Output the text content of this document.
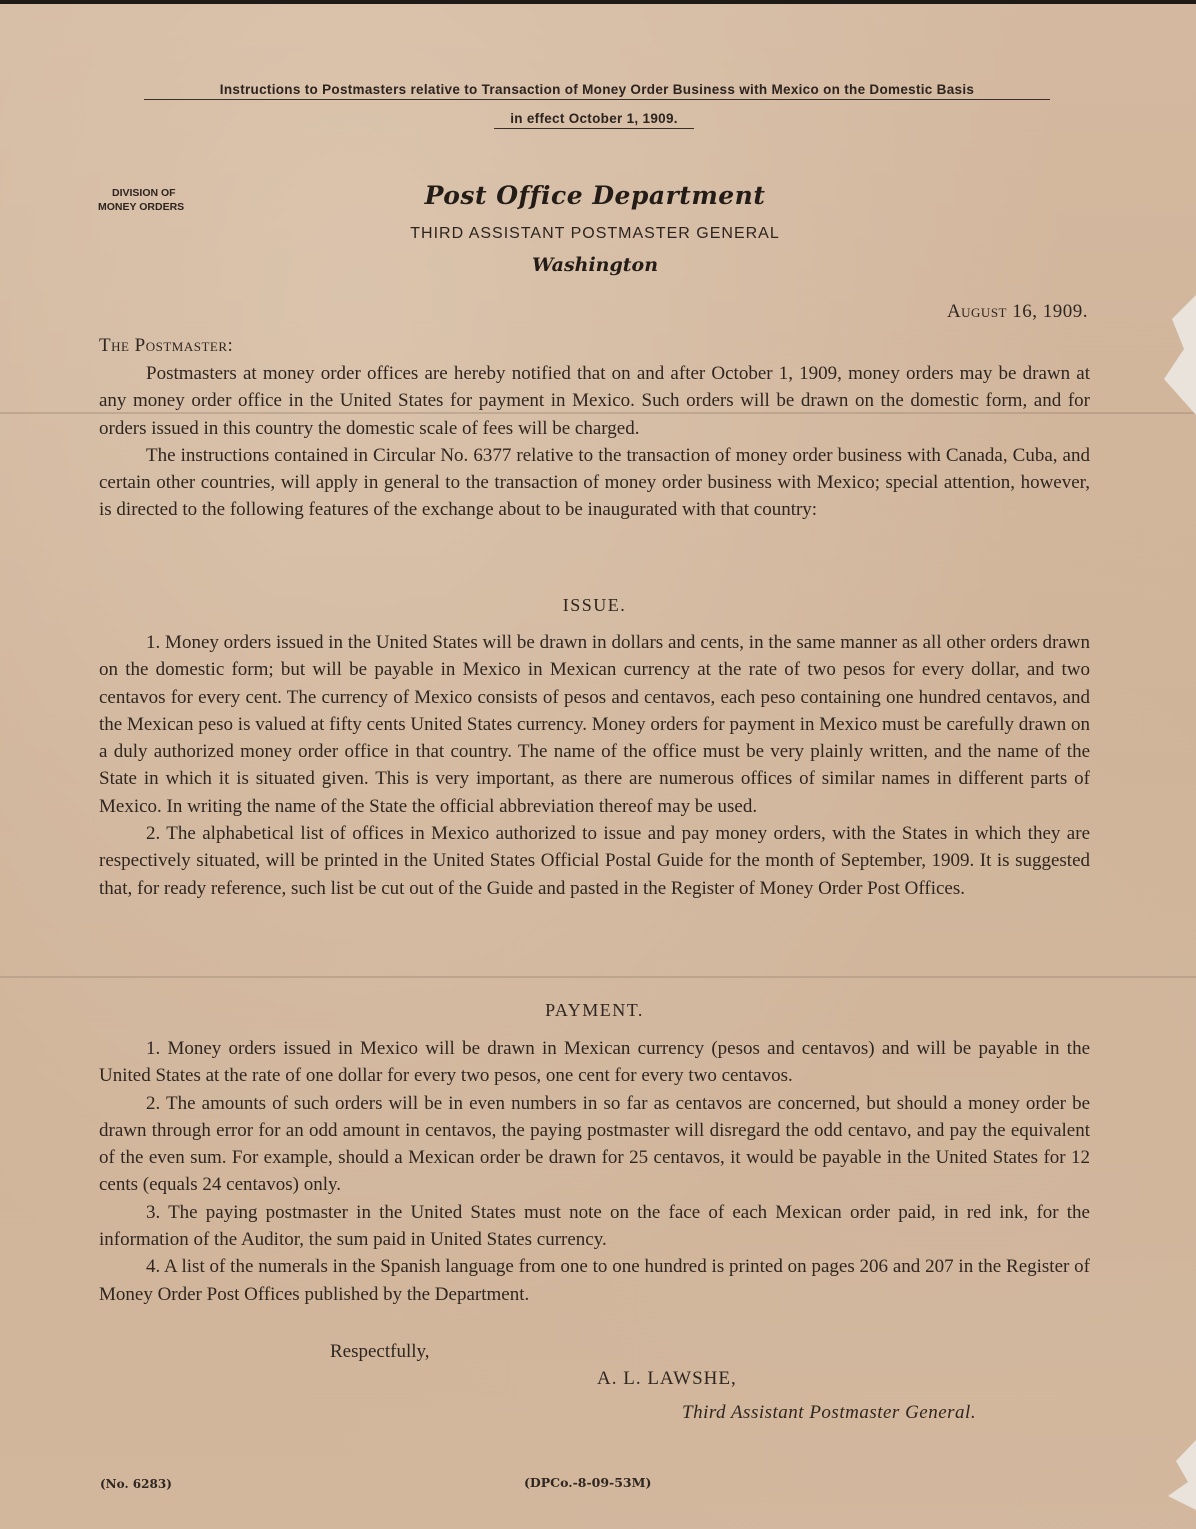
Instructions to Postmasters relative to Transaction of Money Order Business with Mexico on the Domestic Basis
in effect October 1, 1909.
DIVISION OF
MONEY ORDERS	Post Office Department
THIRD ASSISTANT POSTMASTER GENERAL
Washington
August 16, 1909.
The Postmaster:

Postmasters at money order offices are hereby notified that on and after October 1, 1909, money orders may be drawn at any money order office in the United States for payment in Mexico. Such orders will be drawn on the domestic form, and for orders issued in this country the domestic scale of fees will be charged.

The instructions contained in Circular No. 6377 relative to the transaction of money order business with Canada, Cuba, and certain other countries, will apply in general to the transaction of money order business with Mexico; special attention, however, is directed to the following features of the exchange about to be inaugurated with that country:

ISSUE.

1. Money orders issued in the United States will be drawn in dollars and cents, in the same manner as all other orders drawn on the domestic form; but will be payable in Mexico in Mexican currency at the rate of two pesos for every dollar, and two centavos for every cent. The currency of Mexico consists of pesos and centavos, each peso containing one hundred centavos, and the Mexican peso is valued at fifty cents United States currency. Money orders for payment in Mexico must be carefully drawn on a duly authorized money order office in that country. The name of the office must be very plainly written, and the name of the State in which it is situated given. This is very important, as there are numerous offices of similar names in different parts of Mexico. In writing the name of the State the official abbreviation thereof may be used.

2. The alphabetical list of offices in Mexico authorized to issue and pay money orders, with the States in which they are respectively situated, will be printed in the United States Official Postal Guide for the month of September, 1909. It is suggested that, for ready reference, such list be cut out of the Guide and pasted in the Register of Money Order Post Offices.

PAYMENT.

1. Money orders issued in Mexico will be drawn in Mexican currency (pesos and centavos) and will be payable in the United States at the rate of one dollar for every two pesos, one cent for every two centavos.

2. The amounts of such orders will be in even numbers in so far as centavos are concerned, but should a money order be drawn through error for an odd amount in centavos, the paying postmaster will disregard the odd centavo, and pay the equivalent of the even sum. For example, should a Mexican order be drawn for 25 centavos, it would be payable in the United States for 12 cents (equals 24 centavos) only.

3. The paying postmaster in the United States must note on the face of each Mexican order paid, in red ink, for the information of the Auditor, the sum paid in United States currency.

4. A list of the numerals in the Spanish language from one to one hundred is printed on pages 206 and 207 in the Register of Money Order Post Offices published by the Department.

Respectfully,
A. L. LAWSHE,
Third Assistant Postmaster General.
(No. 6283)	(DPCo.-8-09-53M)
